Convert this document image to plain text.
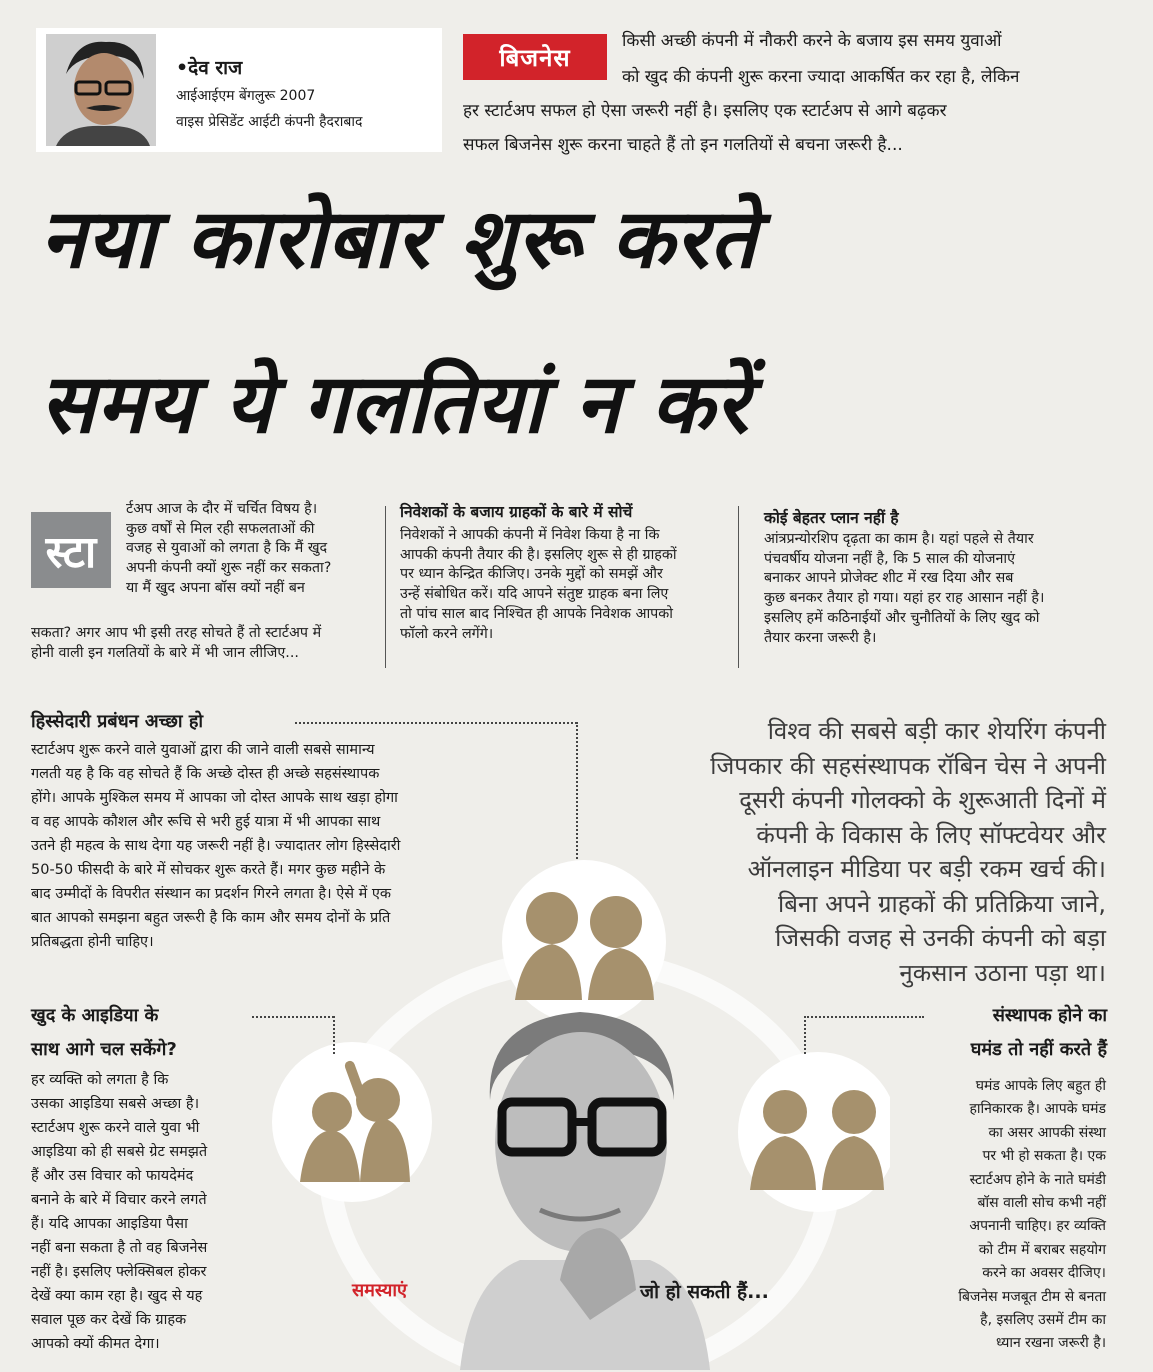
•देव राज
आईआईएम बेंगलुरू 2007
वाइस प्रेसिडेंट आईटी कंपनी हैदराबाद
बिजनेस
किसी अच्छी कंपनी में नौकरी करने के बजाय इस समय युवाओं
को खुद की कंपनी शुरू करना ज्यादा आकर्षित कर रहा है, लेकिन
हर स्टार्टअप सफल हो ऐसा जरूरी नहीं है। इसलिए एक स्टार्टअप से आगे बढ़कर
सफल बिजनेस शुरू करना चाहते हैं तो इन गलतियों से बचना जरूरी है...
नया कारोबार शुरू करते
समय ये गलतियां न करें
स्टा
र्टअप आज के दौर में चर्चित विषय है।
कुछ वर्षों से मिल रही सफलताओं की
वजह से युवाओं को लगता है कि मैं खुद
अपनी कंपनी क्यों शुरू नहीं कर सकता?
या मैं खुद अपना बॉस क्यों नहीं बन
सकता? अगर आप भी इसी तरह सोचते हैं तो स्टार्टअप में
होनी वाली इन गलतियों के बारे में भी जान लीजिए...
निवेशकों के बजाय ग्राहकों के बारे में सोचें
निवेशकों ने आपकी कंपनी में निवेश किया है ना कि
आपकी कंपनी तैयार की है। इसलिए शुरू से ही ग्राहकों
पर ध्यान केन्द्रित कीजिए। उनके मुद्दों को समझें और
उन्हें संबोधित करें। यदि आपने संतुष्ट ग्राहक बना लिए
तो पांच साल बाद निश्चित ही आपके निवेशक आपको
फॉलो करने लगेंगे।
कोई बेहतर प्लान नहीं है
आंत्रप्रन्योरशिप दृढ़ता का काम है। यहां पहले से तैयार
पंचवर्षीय योजना नहीं है, कि 5 साल की योजनाएं
बनाकर आपने प्रोजेक्ट शीट में रख दिया और सब
कुछ बनकर तैयार हो गया। यहां हर राह आसान नहीं है।
इसलिए हमें कठिनाईयों और चुनौतियों के लिए खुद को
तैयार करना जरूरी है।
हिस्सेदारी प्रबंधन अच्छा हो
स्टार्टअप शुरू करने वाले युवाओं द्वारा की जाने वाली सबसे सामान्य
गलती यह है कि वह सोचते हैं कि अच्छे दोस्त ही अच्छे सहसंस्थापक
होंगे। आपके मुश्किल समय में आपका जो दोस्त आपके साथ खड़ा होगा
व वह आपके कौशल और रूचि से भरी हुई यात्रा में भी आपका साथ
उतने ही महत्व के साथ देगा यह जरूरी नहीं है। ज्यादातर लोग हिस्सेदारी
50-50 फीसदी के बारे में सोचकर शुरू करते हैं। मगर कुछ महीने के
बाद उम्मीदों के विपरीत संस्थान का प्रदर्शन गिरने लगता है। ऐसे में एक
बात आपको समझना बहुत जरूरी है कि काम और समय दोनों के प्रति
प्रतिबद्धता होनी चाहिए।
विश्व की सबसे बड़ी कार शेयरिंग कंपनी
जिपकार की सहसंस्थापक रॉबिन चेस ने अपनी
दूसरी कंपनी गोलक्को के शुरूआती दिनों में
कंपनी के विकास के लिए सॉफ्टवेयर और
ऑनलाइन मीडिया पर बड़ी रकम खर्च की।
बिना अपने ग्राहकों की प्रतिक्रिया जाने,
जिसकी वजह से उनकी कंपनी को बड़ा
नुकसान उठाना पड़ा था।
खुद के आइडिया के
साथ आगे चल सकेंगे?
हर व्यक्ति को लगता है कि
उसका आइडिया सबसे अच्छा है।
स्टार्टअप शुरू करने वाले युवा भी
आइडिया को ही सबसे ग्रेट समझते
हैं और उस विचार को फायदेमंद
बनाने के बारे में विचार करने लगते
हैं। यदि आपका आइडिया पैसा
नहीं बना सकता है तो वह बिजनेस
नहीं है। इसलिए फ्लेक्सिबल होकर
देखें क्या काम रहा है। खुद से यह
सवाल पूछ कर देखें कि ग्राहक
आपको क्यों कीमत देगा।
संस्थापक होने का
घमंड तो नहीं करते हैं
घमंड आपके लिए बहुत ही
हानिकारक है। आपके घमंड
का असर आपकी संस्था
पर भी हो सकता है। एक
स्टार्टअप होने के नाते घमंडी
बॉस वाली सोच कभी नहीं
अपनानी चाहिए। हर व्यक्ति
को टीम में बराबर सहयोग
करने का अवसर दीजिए।
बिजनेस मजबूत टीम से बनता
है, इसलिए उसमें टीम का
ध्यान रखना जरूरी है।
समस्याएं	जो हो सकती हैं...
